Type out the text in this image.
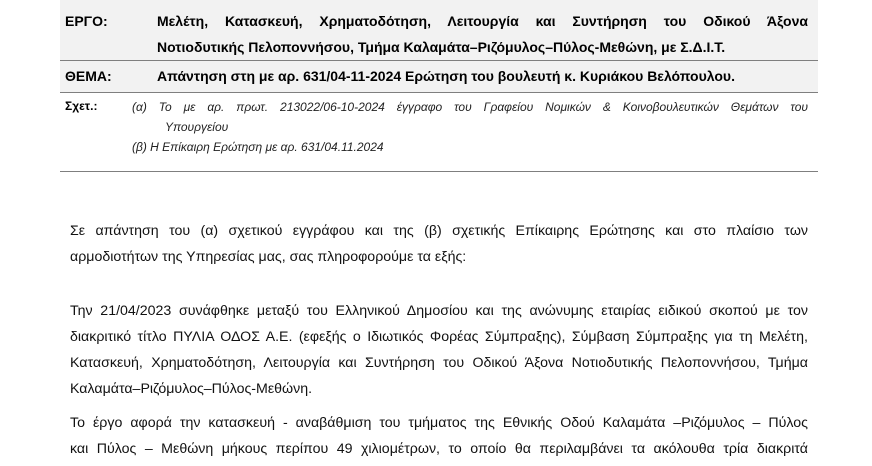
ΕΡΓΟ:	Μελέτη, Κατασκευή, Χρηματοδότηση, Λειτουργία και Συντήρηση του Οδικού Άξονα
Νοτιοδυτικής Πελοποννήσου, Τμήμα Καλαμάτα–Ριζόμυλος–Πύλος-Μεθώνη, με Σ.Δ.Ι.Τ.
ΘΕΜΑ:	Απάντηση στη με αρ. 631/04-11-2024 Ερώτηση του βουλευτή κ. Κυριάκου Βελόπουλου.
Σχετ.:	(α) Το με αρ. πρωτ. 213022/06-10-2024 έγγραφο του Γραφείου Νομικών & Κοινοβουλευτικών Θεμάτων του
Υπουργείου
(β) Η Επίκαιρη Ερώτηση με αρ. 631/04.11.2024
Σε απάντηση του (α) σχετικού εγγράφου και της (β) σχετικής Επίκαιρης Ερώτησης και στο πλαίσιο των
αρμοδιοτήτων της Υπηρεσίας μας, σας πληροφορούμε τα εξής:
Την 21/04/2023 συνάφθηκε μεταξύ του Ελληνικού Δημοσίου και της ανώνυμης εταιρίας ειδικού σκοπού με τον
διακριτικό τίτλο ΠΥΛΙΑ ΟΔΟΣ Α.Ε. (εφεξής ο Ιδιωτικός Φορέας Σύμπραξης), Σύμβαση Σύμπραξης για τη Μελέτη,
Κατασκευή, Χρηματοδότηση, Λειτουργία και Συντήρηση του Οδικού Άξονα Νοτιοδυτικής Πελοποννήσου, Τμήμα
Καλαμάτα–Ριζόμυλος–Πύλος-Μεθώνη.
Το έργο αφορά την κατασκευή - αναβάθμιση του τμήματος της Εθνικής Οδού Καλαμάτα –Ριζόμυλος – Πύλος
και Πύλος – Μεθώνη μήκους περίπου 49 χιλιομέτρων, το οποίο θα περιλαμβάνει τα ακόλουθα τρία διακριτά
